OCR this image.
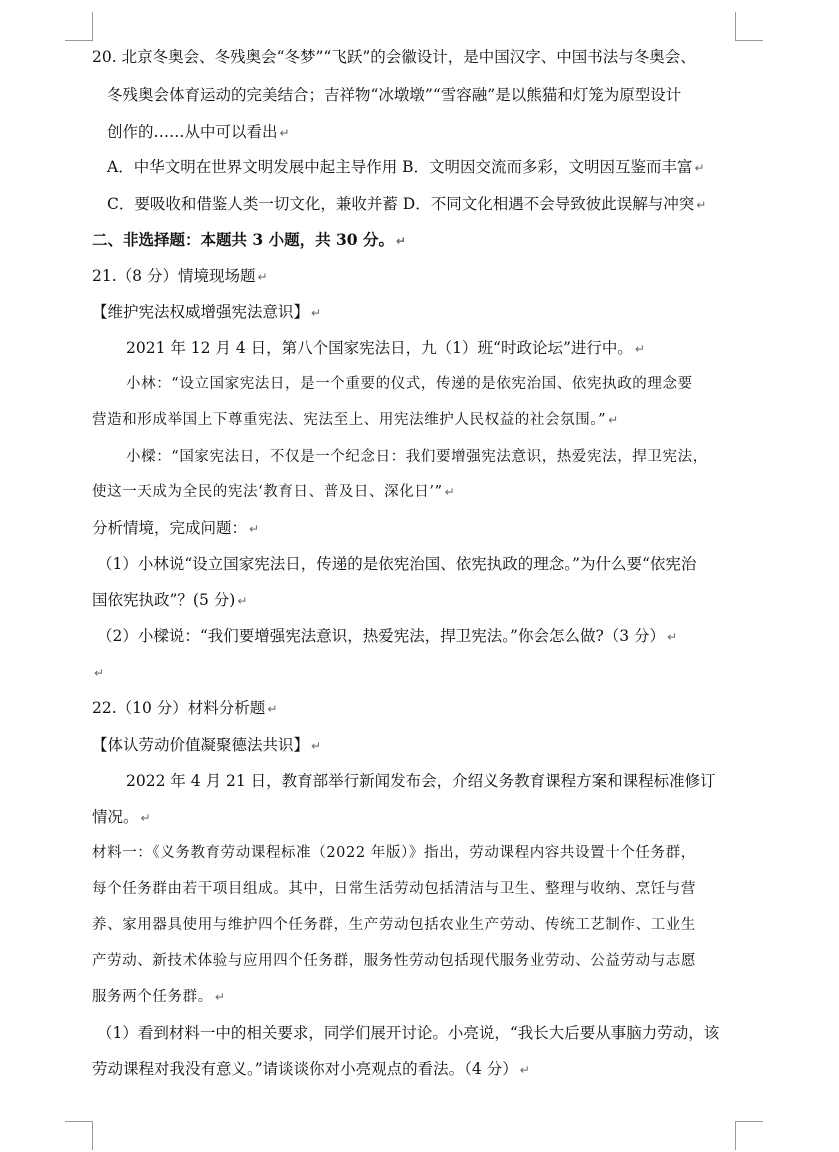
20. 北京冬奥会、冬残奥会“冬梦”“飞跃”的会徽设计，是中国汉字、中国书法与冬奥会、
冬残奥会体育运动的完美结合；吉祥物“冰墩墩”“雪容融”是以熊猫和灯笼为原型设计
创作的……从中可以看出 ↵
A．中华文明在世界文明发展中起主导作用 B．文明因交流而多彩，文明因互鉴而丰富 ↵
C．要吸收和借鉴人类一切文化，兼收并蓄 D．不同文化相遇不会导致彼此误解与冲突 ↵
二、非选择题：本题共 3 小题，共 30 分。 ↵
21.（8 分）情境现场题 ↵
【维护宪法权威增强宪法意识】 ↵
2021 年 12 月 4 日，第八个国家宪法日，九（1）班“时政论坛”进行中。 ↵
小林：“设立国家宪法日，是一个重要的仪式，传递的是依宪治国、依宪执政的理念要
营造和形成举国上下尊重宪法、宪法至上、用宪法维护人民权益的社会氛围。” ↵
小樑：“国家宪法日，不仅是一个纪念日：我们要增强宪法意识，热爱宪法，捍卫宪法，
使这一天成为全民的宪法‘教育日、普及日、深化日’” ↵
分析情境，完成问题： ↵
（1）小林说“设立国家宪法日，传递的是依宪治国、依宪执政的理念。”为什么要“依宪治
国依宪执政”？(5 分) ↵
（2）小樑说：“我们要增强宪法意识，热爱宪法，捍卫宪法。”你会怎么做?（3 分） ↵
↵
22.（10 分）材料分析题 ↵
【体认劳动价值凝聚德法共识】 ↵
2022 年 4 月 21 日，教育部举行新闻发布会，介绍义务教育课程方案和课程标准修订
情况。 ↵
材料一：《义务教育劳动课程标准（2022 年版）》指出，劳动课程内容共设置十个任务群，
每个任务群由若干项目组成。其中，日常生活劳动包括清洁与卫生、整理与收纳、烹饪与营
养、家用器具使用与维护四个任务群，生产劳动包括农业生产劳动、传统工艺制作、工业生
产劳动、新技术体验与应用四个任务群，服务性劳动包括现代服务业劳动、公益劳动与志愿
服务两个任务群。 ↵
（1）看到材料一中的相关要求，同学们展开讨论。小亮说，“我长大后要从事脑力劳动，该
劳动课程对我没有意义。”请谈谈你对小亮观点的看法。（4 分） ↵
